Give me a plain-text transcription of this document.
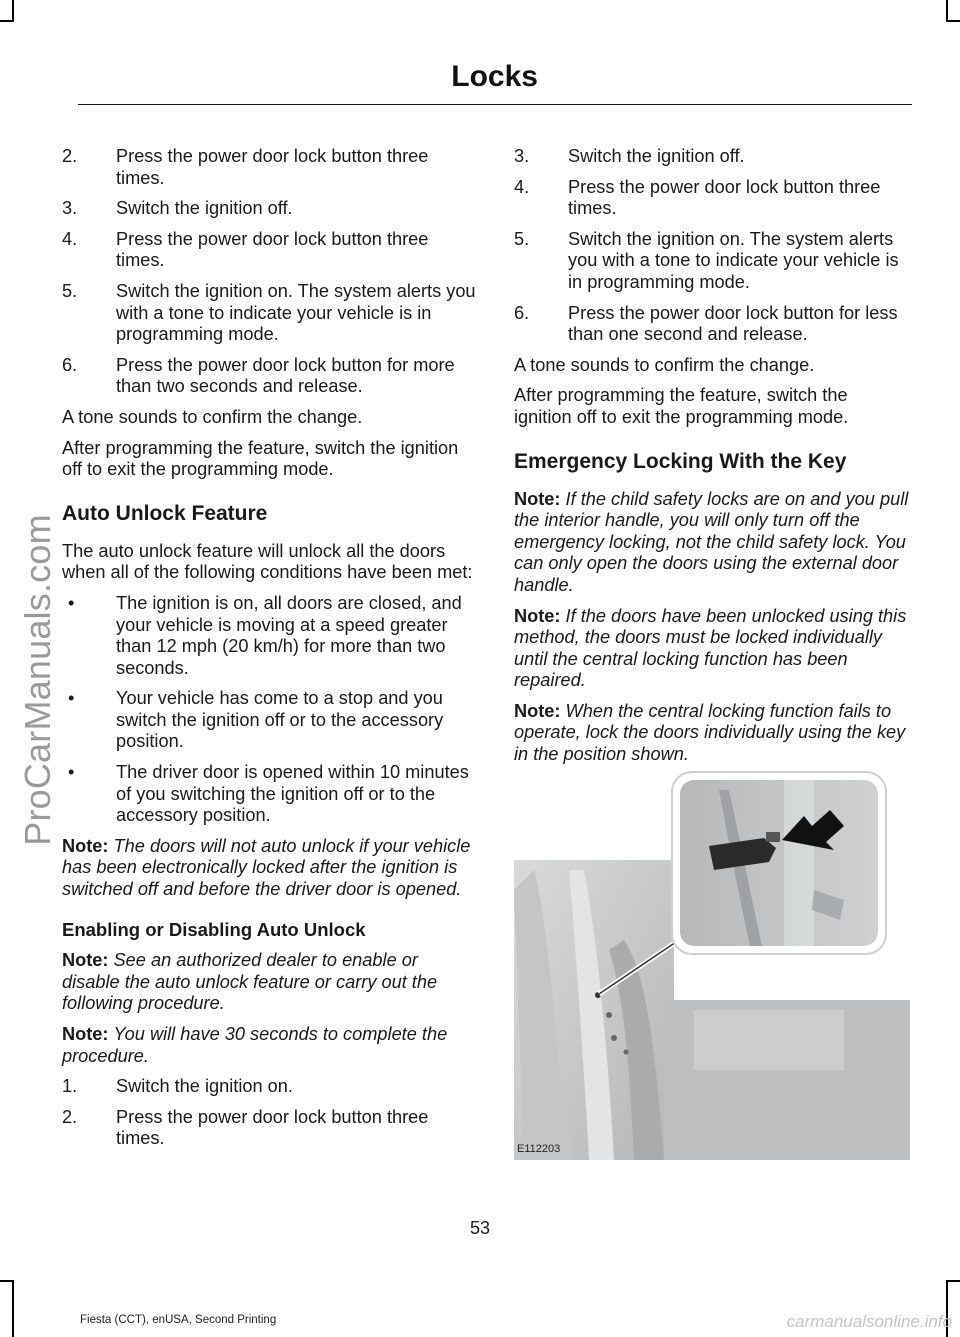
ProCarManuals.com
Locks
2. Press the power door lock button three times.
3. Switch the ignition off.
4. Press the power door lock button three times.
5. Switch the ignition on. The system alerts you with a tone to indicate your vehicle is in programming mode.
6. Press the power door lock button for more than two seconds and release.

A tone sounds to confirm the change.

After programming the feature, switch the ignition off to exit the programming mode.

Auto Unlock Feature

The auto unlock feature will unlock all the doors when all of the following conditions have been met:

• The ignition is on, all doors are closed, and your vehicle is moving at a speed greater than 12 mph (20 km/h) for more than two seconds.
• Your vehicle has come to a stop and you switch the ignition off or to the accessory position.
• The driver door is opened within 10 minutes of you switching the ignition off or to the accessory position.

Note: The doors will not auto unlock if your vehicle has been electronically locked after the ignition is switched off and before the driver door is opened.

Enabling or Disabling Auto Unlock

Note: See an authorized dealer to enable or disable the auto unlock feature or carry out the following procedure.

Note: You will have 30 seconds to complete the procedure.

1. Switch the ignition on.
2. Press the power door lock button three times.
3. Switch the ignition off.
4. Press the power door lock button three times.
5. Switch the ignition on. The system alerts you with a tone to indicate your vehicle is in programming mode.
6. Press the power door lock button for less than one second and release.

A tone sounds to confirm the change.

After programming the feature, switch the ignition off to exit the programming mode.

Emergency Locking With the Key

Note: If the child safety locks are on and you pull the interior handle, you will only turn off the emergency locking, not the child safety lock. You can only open the doors using the external door handle.

Note: If the doors have been unlocked using this method, the doors must be locked individually until the central locking function has been repaired.

Note: When the central locking function fails to operate, lock the doors individually using the key in the position shown.

E112203
53
Fiesta (CCT), enUSA, Second Printing	carmanualsonline.info
